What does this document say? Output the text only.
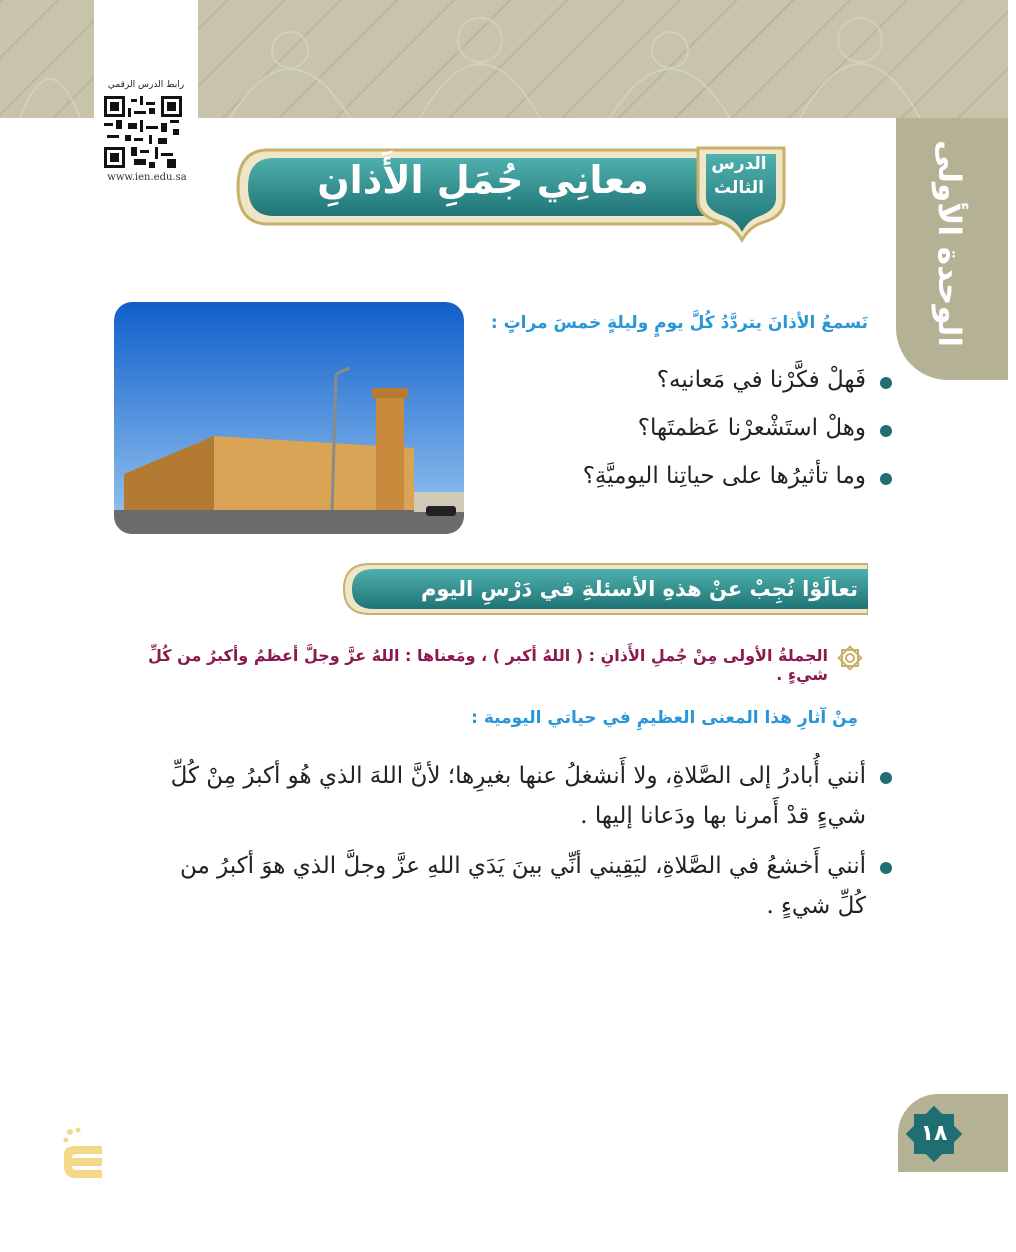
رابط الدرس الرقمي
www.ien.edu.sa	الوحدة الأولى
معانِي جُمَلِ الأَذانِ	الدرس
الثالث
نَسمعُ الأذانَ يتردَّدُ كُلَّ يومٍ وليلةٍ خمسَ مراتٍ :
فَهلْ فكَّرْنا في مَعانيه؟
وهلْ استَشْعرْنا عَظمتَها؟
وما تأثيرُها على حياتِنا اليوميَّةِ؟
تعالَوْا نُجِبْ عنْ هذهِ الأسئلةِ في دَرْسِ اليوم
الجملةُ الأولى مِنْ جُملِ الأَذانِ : ( اللهُ أكبر ) ، ومَعناها : اللهُ عزَّ وجلَّ أعظمُ وأكبرُ من كُلِّ شيءٍ .
مِنْ آثارِ هذا المعنى العظيمِ في حياتي اليومية :
أنني أُبادرُ إلى الصَّلاةِ، ولا أَنشغلُ عنها بغيرِها؛ لأنَّ اللهَ الذي هُو أكبرُ مِنْ كُلِّ شيءٍ قدْ أَمرنا بها ودَعانا إليها .
أنني أَخشعُ في الصَّلاةِ، ليَقِيني أنِّي بينَ يَدَي اللهِ عزَّ وجلَّ الذي هوَ أكبرُ من كُلِّ شيءٍ .
١٨
